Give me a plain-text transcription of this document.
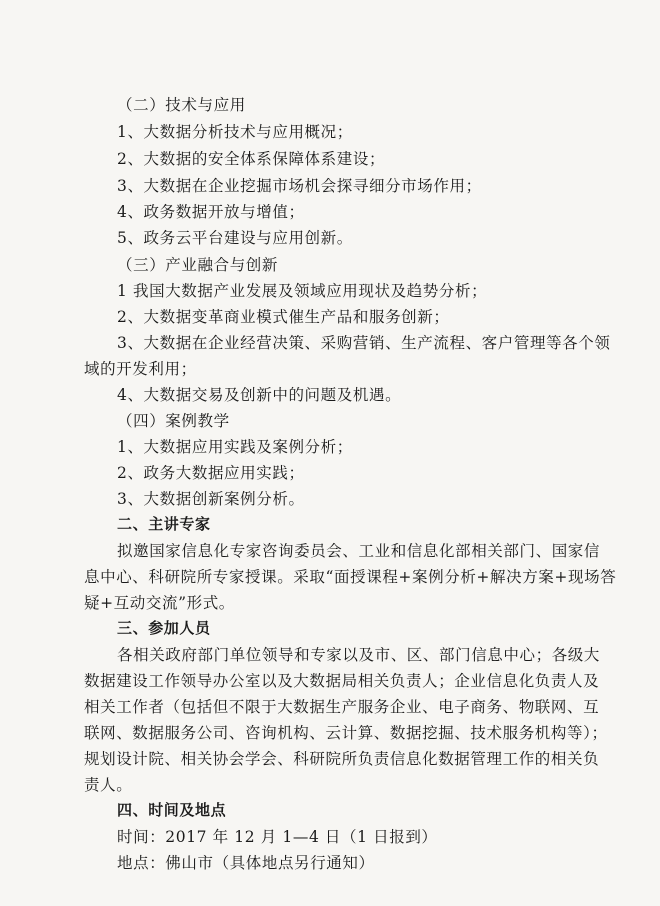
（二）技术与应用
1、大数据分析技术与应用概况；
2、大数据的安全体系保障体系建设；
3、大数据在企业挖掘市场机会探寻细分市场作用；
4、政务数据开放与增值；
5、政务云平台建设与应用创新。
（三）产业融合与创新
1 我国大数据产业发展及领域应用现状及趋势分析；
2、大数据变革商业模式催生产品和服务创新；
3、大数据在企业经营决策、采购营销、生产流程、客户管理等各个领
域的开发利用；
4、大数据交易及创新中的问题及机遇。
（四）案例教学
1、大数据应用实践及案例分析；
2、政务大数据应用实践；
3、大数据创新案例分析。
二、主讲专家
拟邀国家信息化专家咨询委员会、工业和信息化部相关部门、国家信
息中心、科研院所专家授课。采取“面授课程+案例分析+解决方案+现场答
疑+互动交流”形式。
三、参加人员
各相关政府部门单位领导和专家以及市、区、部门信息中心；各级大
数据建设工作领导办公室以及大数据局相关负责人；企业信息化负责人及
相关工作者（包括但不限于大数据生产服务企业、电子商务、物联网、互
联网、数据服务公司、咨询机构、云计算、数据挖掘、技术服务机构等）；
规划设计院、相关协会学会、科研院所负责信息化数据管理工作的相关负
责人。
四、时间及地点
时间：2017 年 12 月 1—4 日（1 日报到）
地点：佛山市（具体地点另行通知）
